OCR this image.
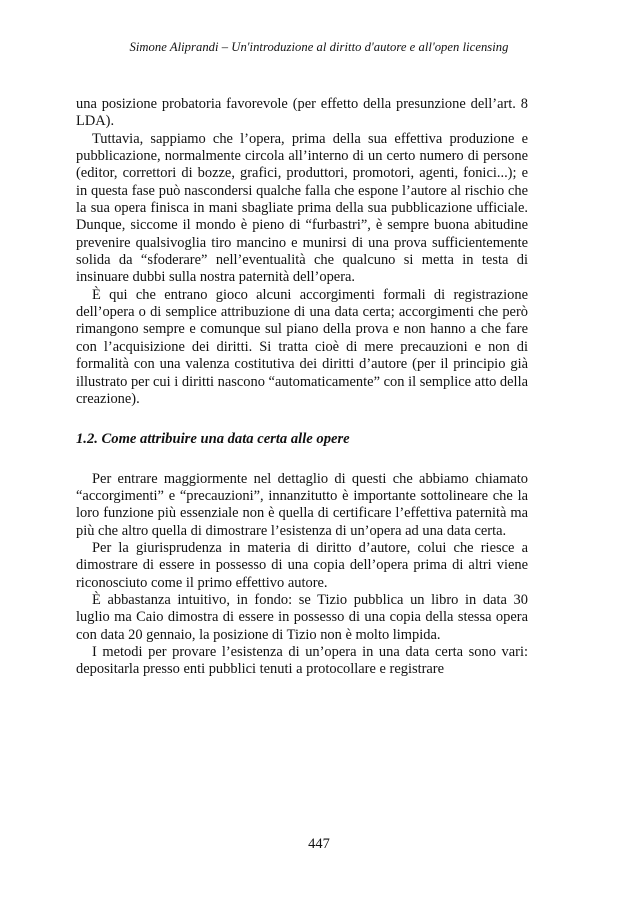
Simone Aliprandi – Un'introduzione al diritto d'autore e all'open licensing

una posizione probatoria favorevole (per effetto della presunzione dell’art. 8 LDA).

Tuttavia, sappiamo che l’opera, prima della sua effettiva produzione e pubblicazione, normalmente circola all’interno di un certo numero di persone (editor, correttori di bozze, grafici, produttori, promotori, agenti, fonici...); e in questa fase può nascondersi qualche falla che espone l’autore al rischio che la sua opera finisca in mani sbagliate prima della sua pubblicazione ufficiale. Dunque, siccome il mondo è pieno di “furbastri”, è sempre buona abitudine prevenire qualsivoglia tiro mancino e munirsi di una prova sufficientemente solida da “sfoderare” nell’eventualità che qualcuno si metta in testa di insinuare dubbi sulla nostra paternità dell’opera.

È qui che entrano gioco alcuni accorgimenti formali di registrazione dell’opera o di semplice attribuzione di una data certa; accorgimenti che però rimangono sempre e comunque sul piano della prova e non hanno a che fare con l’acquisizione dei diritti. Si tratta cioè di mere precauzioni e non di formalità con una valenza costitutiva dei diritti d’autore (per il principio già illustrato per cui i diritti nascono “automaticamente” con il semplice atto della creazione).

1.2. Come attribuire una data certa alle opere

Per entrare maggiormente nel dettaglio di questi che abbiamo chiamato “accorgimenti” e “precauzioni”, innanzitutto è importante sottolineare che la loro funzione più essenziale non è quella di certificare l’effettiva paternità ma più che altro quella di dimostrare l’esistenza di un’opera ad una data certa.

Per la giurisprudenza in materia di diritto d’autore, colui che riesce a dimostrare di essere in possesso di una copia dell’opera prima di altri viene riconosciuto come il primo effettivo autore.

È abbastanza intuitivo, in fondo: se Tizio pubblica un libro in data 30 luglio ma Caio dimostra di essere in possesso di una copia della stessa opera con data 20 gennaio, la posizione di Tizio non è molto limpida.

I metodi per provare l’esistenza di un’opera in una data certa sono vari: depositarla presso enti pubblici tenuti a protocollare e registrare

447
